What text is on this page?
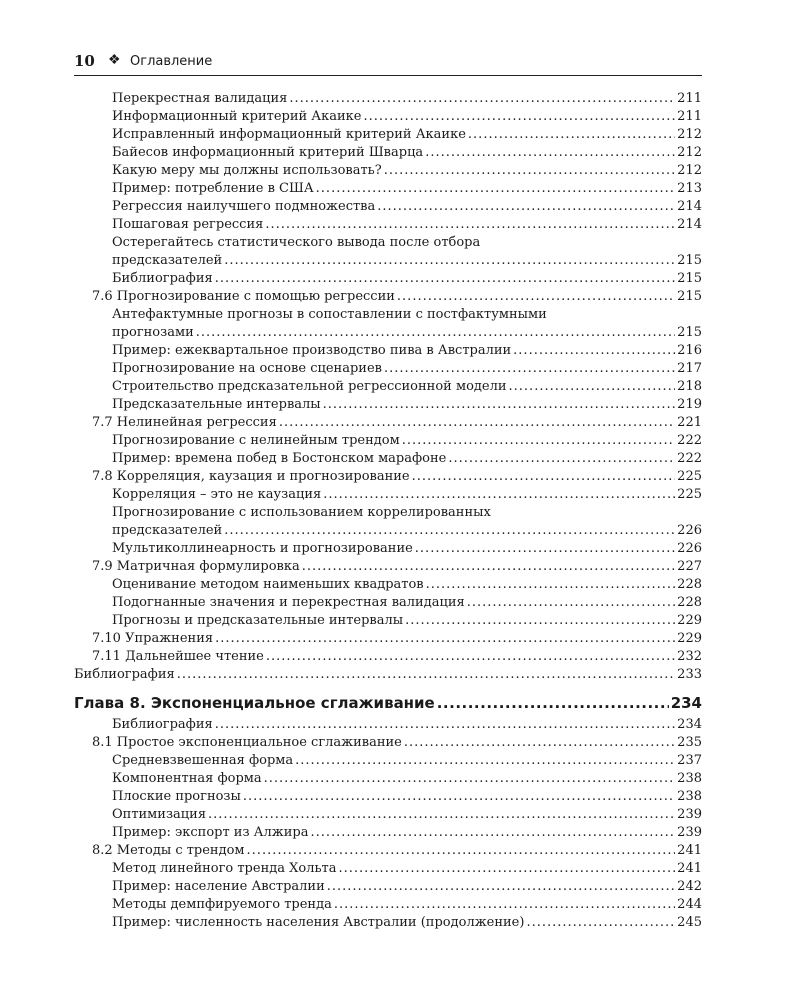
10 ❖ Оглавление
Перекрестная валидация .....	211
Информационный критерий Акаике .....	211
Исправленный информационный критерий Акаике .....	212
Байесов информационный критерий Шварца .....	212
Какую меру мы должны использовать? .....	212
Пример: потребление в США .....	213
Регрессия наилучшего подмножества .....	214
Пошаговая регрессия .....	214
Остерегайтесь статистического вывода после отбора
предсказателей .....	215
Библиография .....	215
7.6 Прогнозирование с помощью регрессии .....	215
Антефактумные прогнозы в сопоставлении с постфактумными
прогнозами .....	215
Пример: ежеквартальное производство пива в Австралии .....	216
Прогнозирование на основе сценариев .....	217
Строительство предсказательной регрессионной модели .....	218
Предсказательные интервалы .....	219
7.7 Нелинейная регрессия .....	221
Прогнозирование с нелинейным трендом .....	222
Пример: времена побед в Бостонском марафоне .....	222
7.8 Корреляция, каузация и прогнозирование .....	225
Корреляция – это не каузация .....	225
Прогнозирование с использованием коррелированных
предсказателей .....	226
Мультиколлинеарность и прогнозирование .....	226
7.9 Матричная формулировка .....	227
Оценивание методом наименьших квадратов .....	228
Подогнанные значения и перекрестная валидация .....	228
Прогнозы и предсказательные интервалы .....	229
7.10 Упражнения .....	229
7.11 Дальнейшее чтение .....	232
Библиография .....	233
Глава 8. Экспоненциальное сглаживание .....	234
Библиография .....	234
8.1 Простое экспоненциальное сглаживание .....	235
Средневзвешенная форма .....	237
Компонентная форма .....	238
Плоские прогнозы .....	238
Оптимизация .....	239
Пример: экспорт из Алжира .....	239
8.2 Методы с трендом .....	241
Метод линейного тренда Хольта .....	241
Пример: население Австралии .....	242
Методы демпфируемого тренда .....	244
Пример: численность населения Австралии (продолжение) .....	245
